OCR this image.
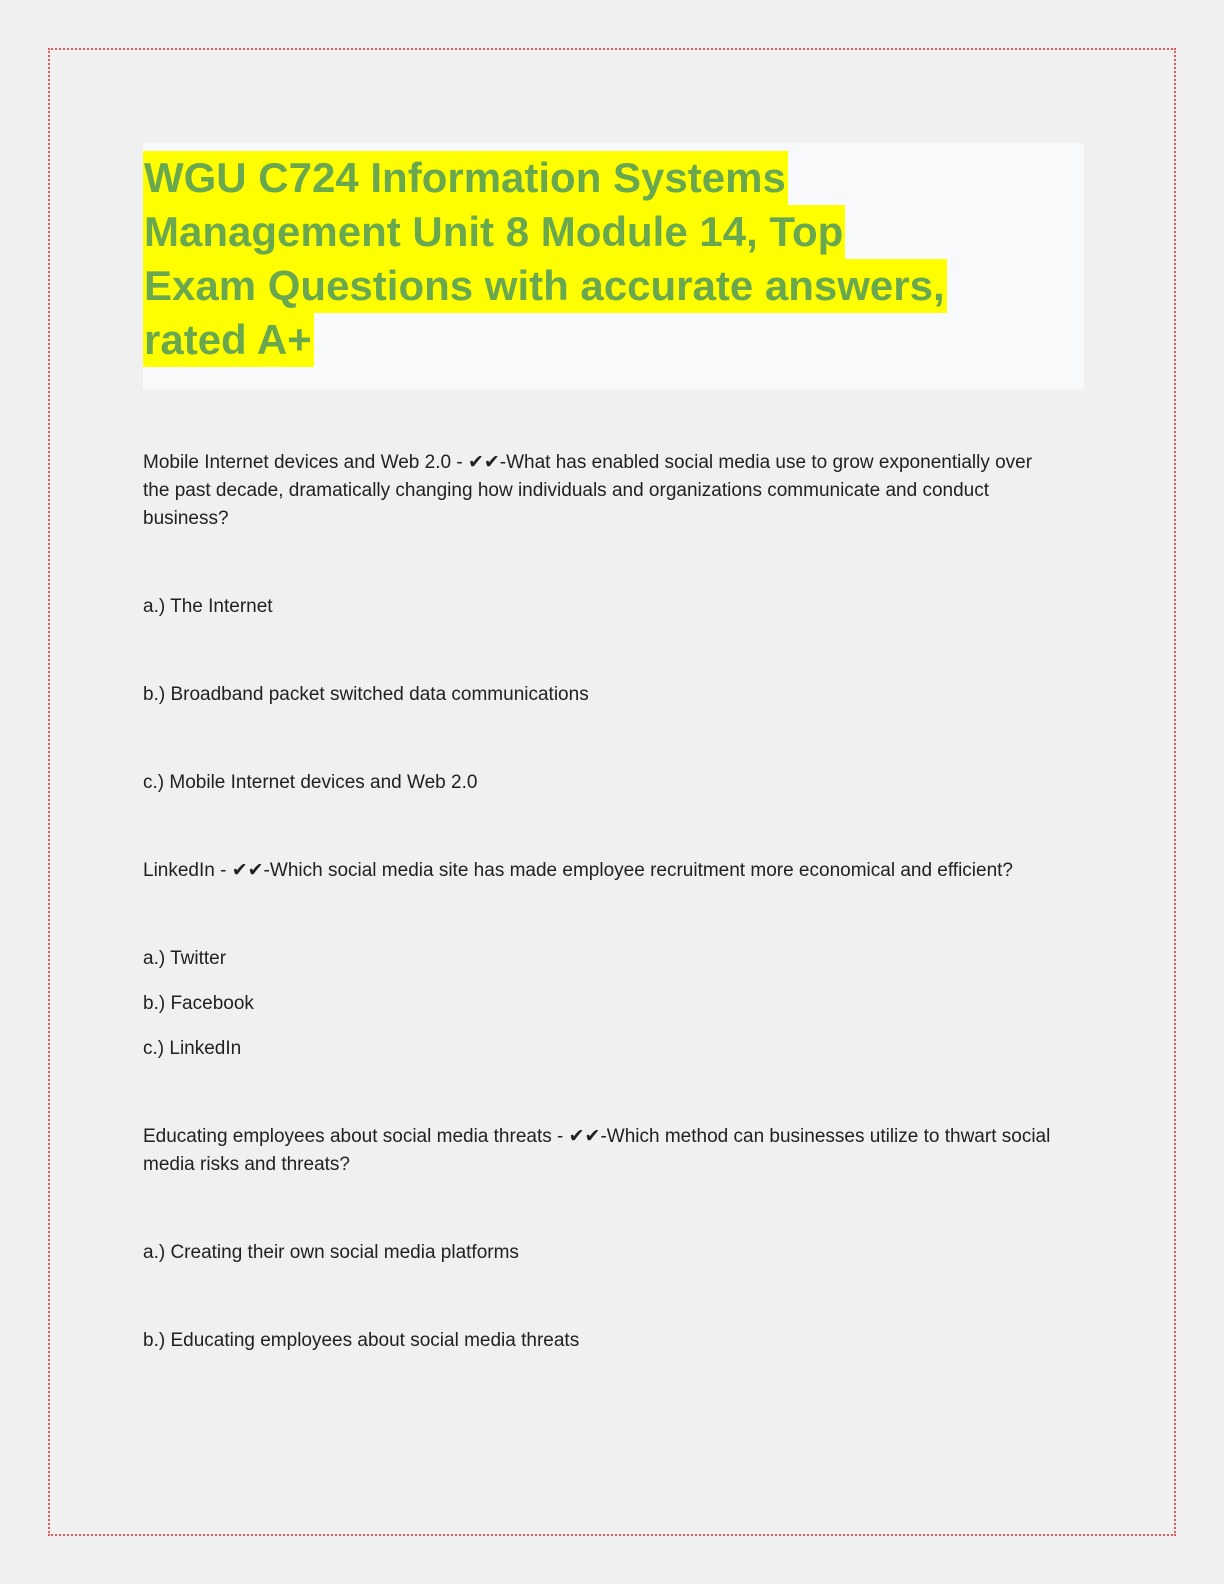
WGU C724 Information Systems
Management Unit 8 Module 14, Top
Exam Questions with accurate answers,
rated A+

Mobile Internet devices and Web 2.0 - ✔✔-What has enabled social media use to grow exponentially over the past decade, dramatically changing how individuals and organizations communicate and conduct business?

a.) The Internet

b.) Broadband packet switched data communications

c.) Mobile Internet devices and Web 2.0

LinkedIn - ✔✔-Which social media site has made employee recruitment more economical and efficient?

a.) Twitter

b.) Facebook

c.) LinkedIn

Educating employees about social media threats - ✔✔-Which method can businesses utilize to thwart social media risks and threats?

a.) Creating their own social media platforms

b.) Educating employees about social media threats
